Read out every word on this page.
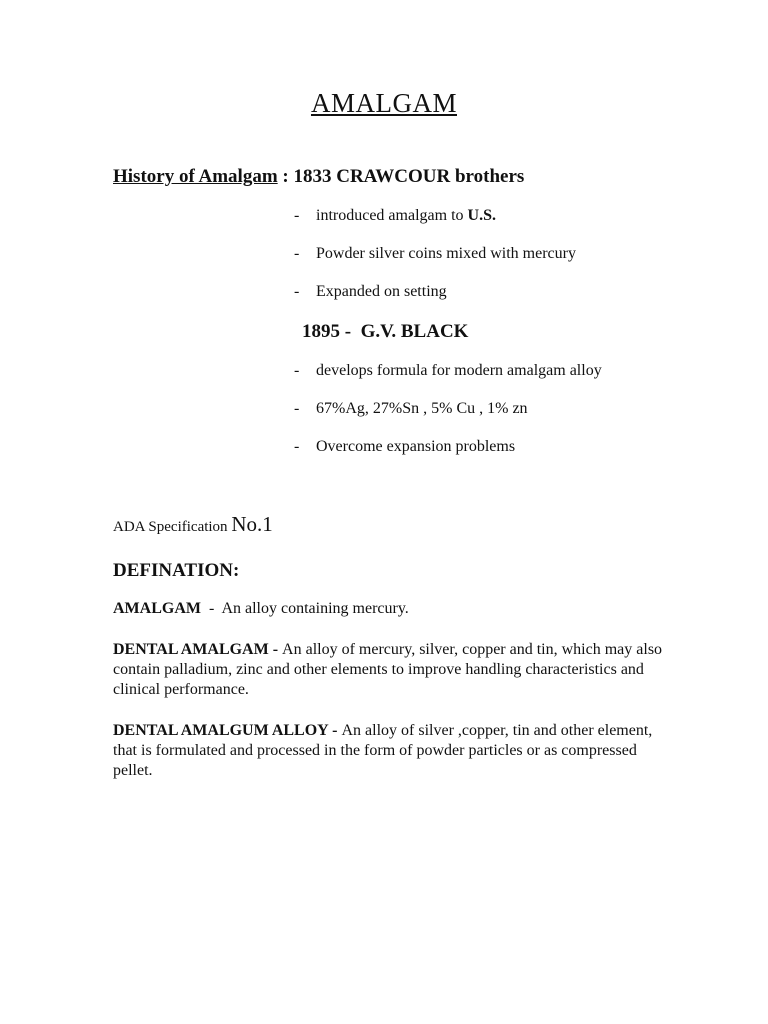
AMALGAM
History of Amalgam : 1833 CRAWCOUR brothers
- introduced amalgam to U.S.
- Powder silver coins mixed with mercury
- Expanded on setting
1895 -  G.V. BLACK
- develops formula for modern amalgam alloy
- 67%Ag, 27%Sn , 5% Cu , 1% zn
- Overcome expansion problems
ADA Specification No.1
DEFINATION:
AMALGAM  -  An alloy containing mercury.
DENTAL AMALGAM - An alloy of mercury, silver, copper and tin, which may also contain palladium, zinc and other elements to improve handling characteristics and clinical performance.
DENTAL AMALGUM ALLOY - An alloy of silver ,copper, tin and other element, that is formulated and processed in the form of powder particles or as compressed pellet.
